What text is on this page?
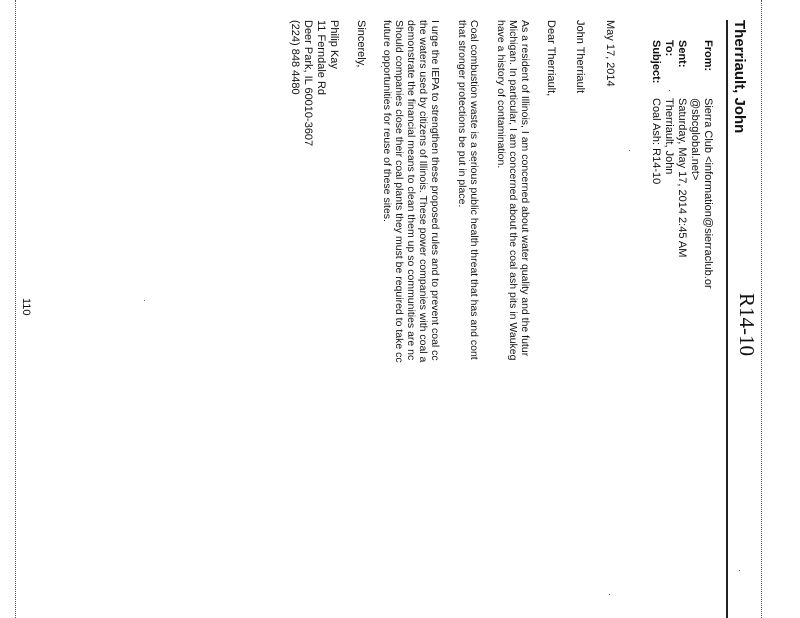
R14-10
Therriault, John
From:
Sierra Club <information@sierraclub.or
@sbcglobal.net>
Sent:
Saturday, May 17, 2014 2:45 AM
To:
Therriault, John
Subject:
Coal Ash: R14-10
May 17, 2014
John Therriault
Dear Therriault,
As a resident of Illinois, I am concerned about water quality and the futur
Michigan. In particular, I am concerned about the coal ash pits in Waukeg
have a history of contamination.
Coal combustion waste is a serious public health threat that has and cont
that stronger protections be put in place.
I urge the IEPA to strengthen these proposed rules and to prevent coal cc
the waters used by citizens of Illinois. These power companies with coal a
demonstrate the financial means to clean them up so communities are nc
Should companies close their coal plants they must be required to take cc
future opportunities for reuse of these sites.
Sincerely,
Philip Kay
11 Ferndale Rd
Deer Park, IL 60010-3607
(224) 848 4480
110
